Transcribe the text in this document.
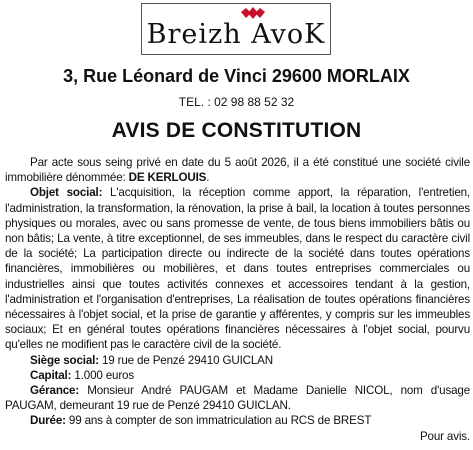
Breizh AvoK
3, Rue Léonard de Vinci 29600 MORLAIX
TEL. : 02 98 88 52 32
AVIS DE CONSTITUTION

Par acte sous seing privé en date du 5 août 2026, il a été constitué une société civile immobilière dénommée: DE KERLOUIS.

Objet social: L'acquisition, la réception comme apport, la réparation, l'entretien, l'administration, la transformation, la rénovation, la prise à bail, la location à toutes personnes physiques ou morales, avec ou sans promesse de vente, de tous biens immobiliers bâtis ou non bâtis; La vente, à titre exceptionnel, de ses immeubles, dans le respect du caractère civil de la société; La participation directe ou indirecte de la société dans toutes opérations financières, immobilières ou mobilières, et dans toutes entreprises commerciales ou industrielles ainsi que toutes activités connexes et accessoires tendant à la gestion, l'administration et l'organisation d'entreprises, La réalisation de toutes opérations financières nécessaires à l'objet social, et la prise de garantie y afférentes, y compris sur les immeubles sociaux; Et en général toutes opérations financières nécessaires à l'objet social, pourvu qu'elles ne modifient pas le caractère civil de la société.

Siège social: 19 rue de Penzé 29410 GUICLAN

Capital: 1.000 euros

Gérance: Monsieur André PAUGAM et Madame Danielle NICOL, nom d'usage PAUGAM, demeurant 19 rue de Penzé 29410 GUICLAN.

Durée: 99 ans à compter de son immatriculation au RCS de BREST

Pour avis.
